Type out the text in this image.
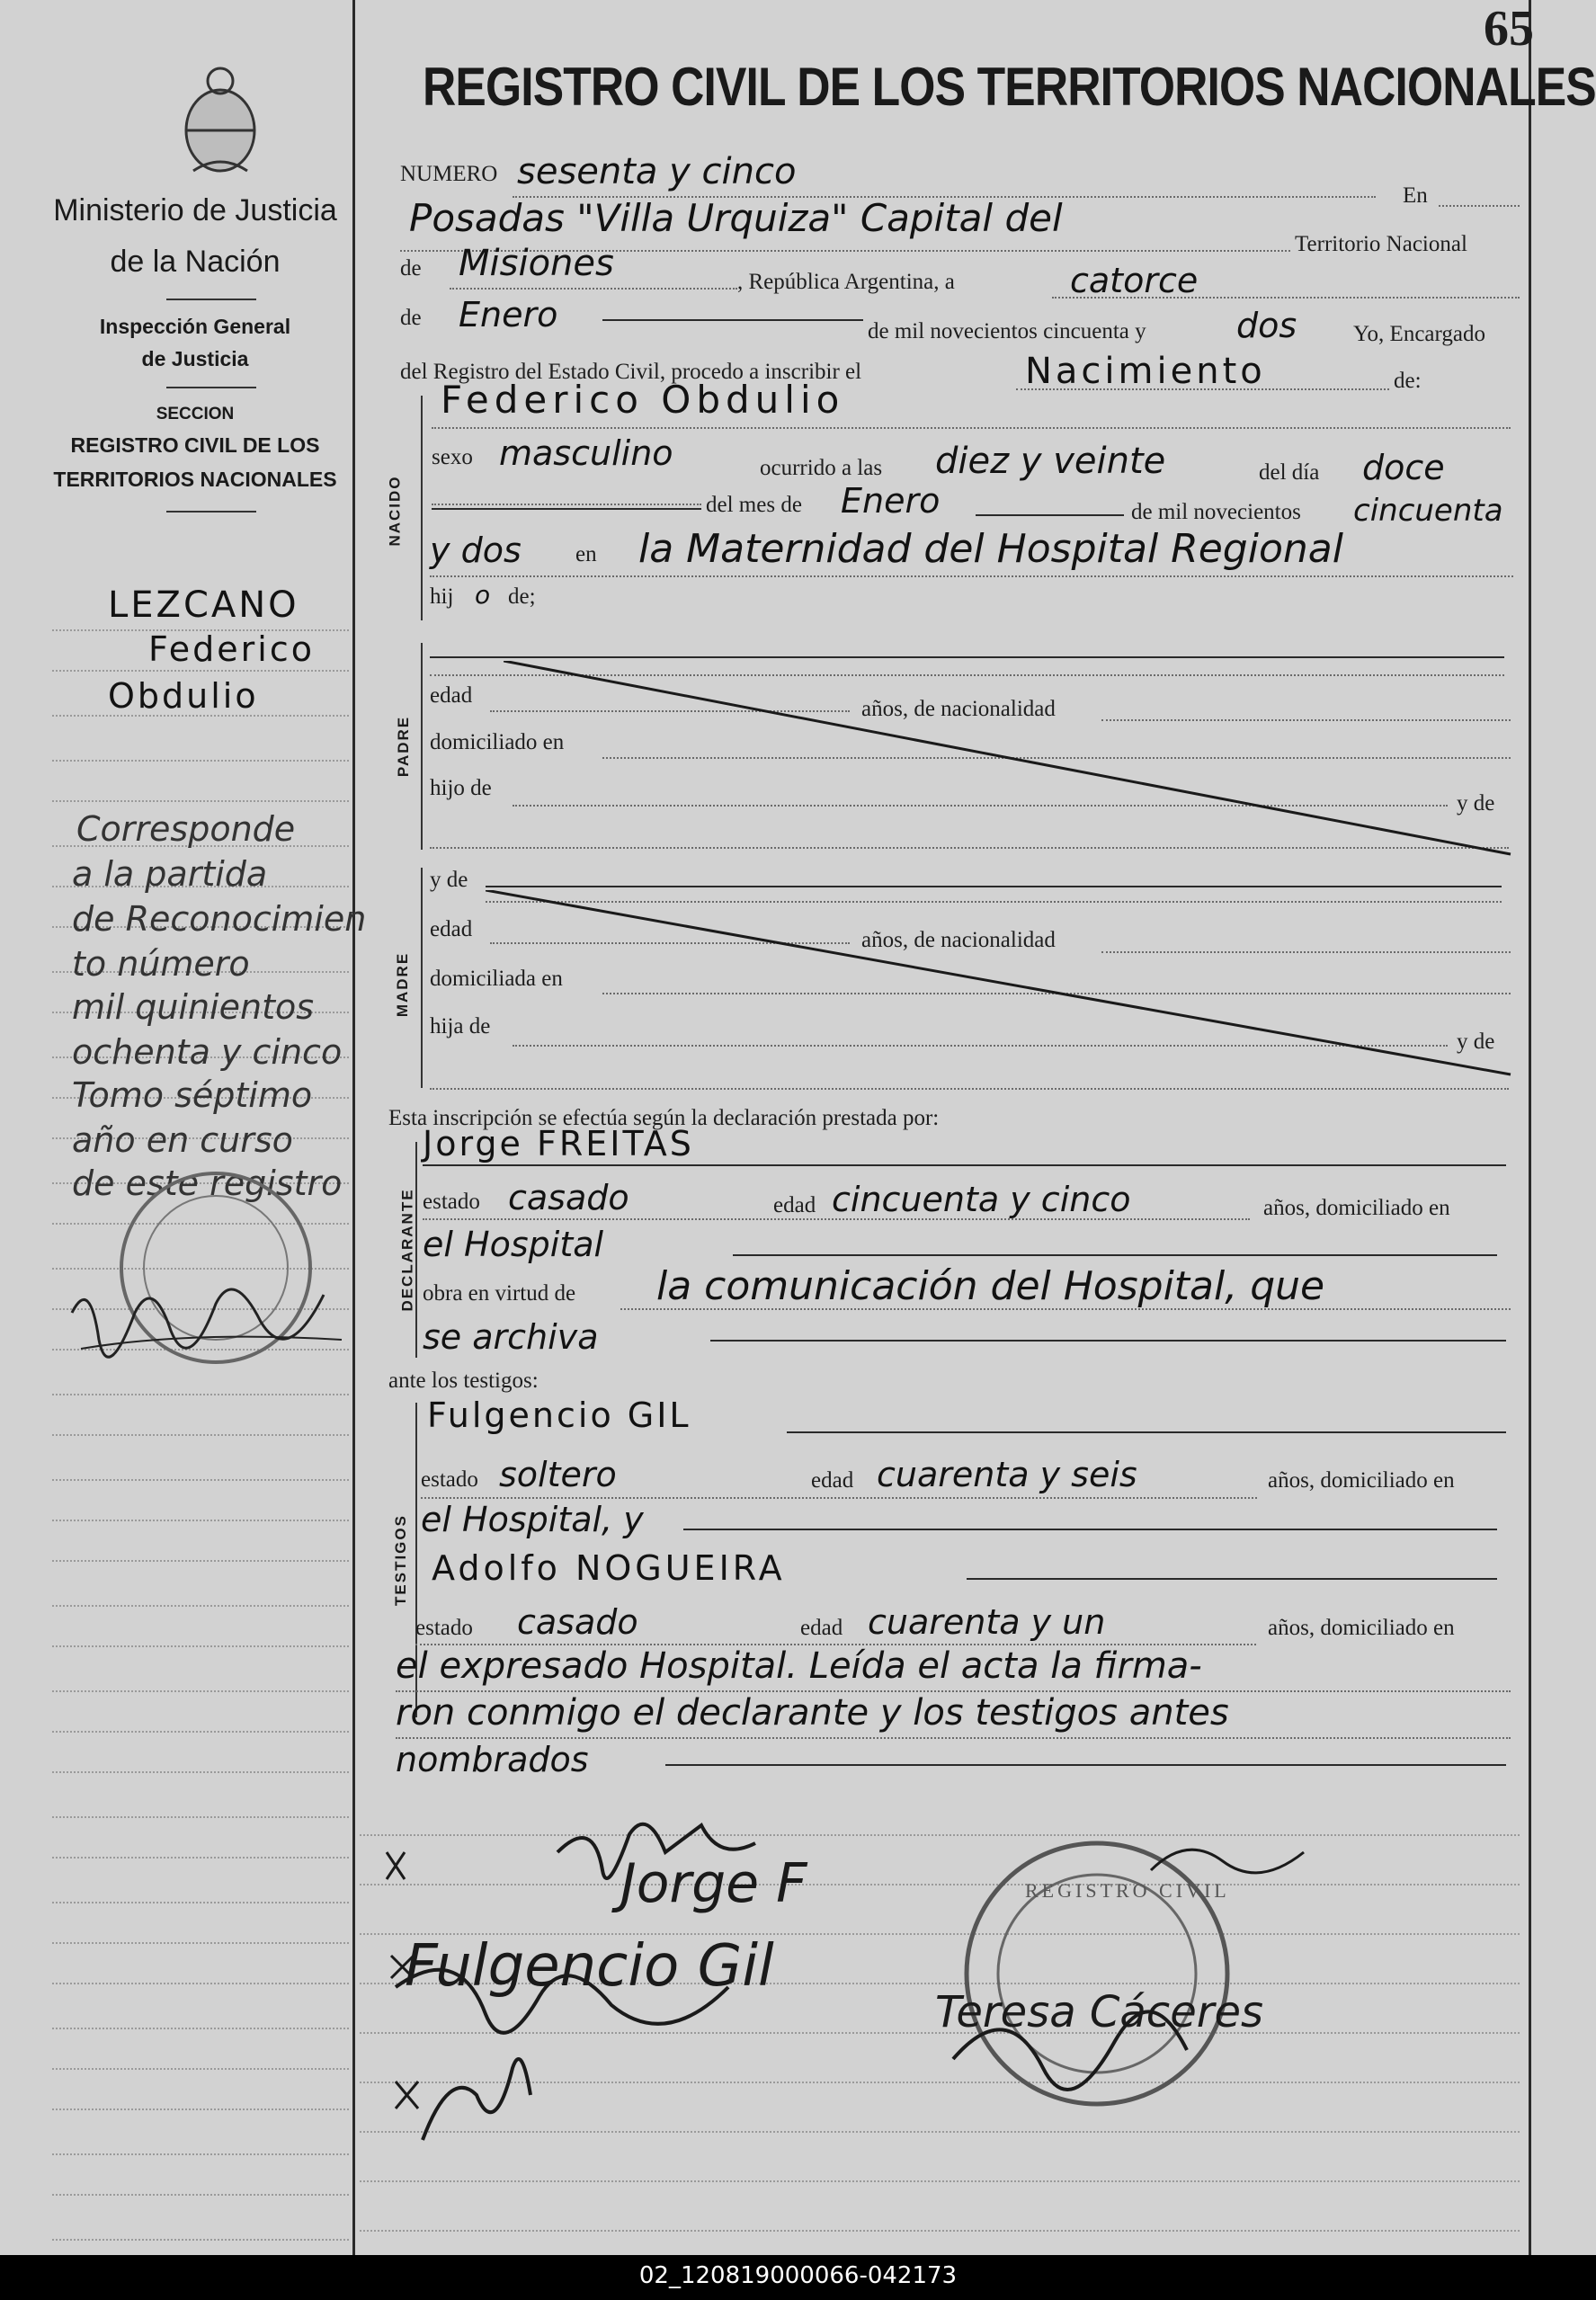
65
Ministerio de Justicia
de la Nación
Inspección General
de Justicia
SECCION
REGISTRO CIVIL DE LOS
TERRITORIOS NACIONALES
LEZCANO
Federico
Obdulio
Corresponde
a la partida
de Reconocimien
to número
mil quinientos
ochenta y cinco
Tomo séptimo
año en curso
de este registro
REGISTRO CIVIL DE LOS TERRITORIOS NACIONALES
NUMERO sesenta y cinco
En
Posadas "Villa Urquiza" Capital del
Territorio Nacional
de Misiones	, República Argentina, a	catorce
de Enero	de mil novecientos cincuenta y	dos	Yo, Encargado
del Registro del Estado Civil, procedo a inscribir el	Nacimiento	de:
NACIDO
Federico Obdulio
sexo masculino	ocurrido a las diez y veinte	del día doce
del mes de Enero	de mil novecientos cincuenta
y dos en la Maternidad del Hospital Regional
hij o de;
PADRE
edad
años, de nacionalidad
domiciliado en
hijo de
y de
MADRE
y de
edad	años, de nacionalidad
domiciliada en
hija de
y de
Esta inscripción se efectúa según la declaración prestada por:
DECLARANTE
Jorge FREITAS
estado casado	edad cincuenta y cinco	años, domiciliado en
el Hospital
obra en virtud de la comunicación del Hospital, que
se archiva
ante los testigos:
TESTIGOS
Fulgencio GIL
estado soltero	edad cuarenta y seis	años, domiciliado en
el Hospital, y
Adolfo NOGUEIRA
estado casado	edad cuarenta y un	años, domiciliado en
el expresado Hospital. Leída el acta la firma-
ron conmigo el declarante y los testigos antes
nombrados
Jorge F
Fulgencio Gil
Teresa Cáceres
REGISTRO CIVIL
02_120819000066-042173
